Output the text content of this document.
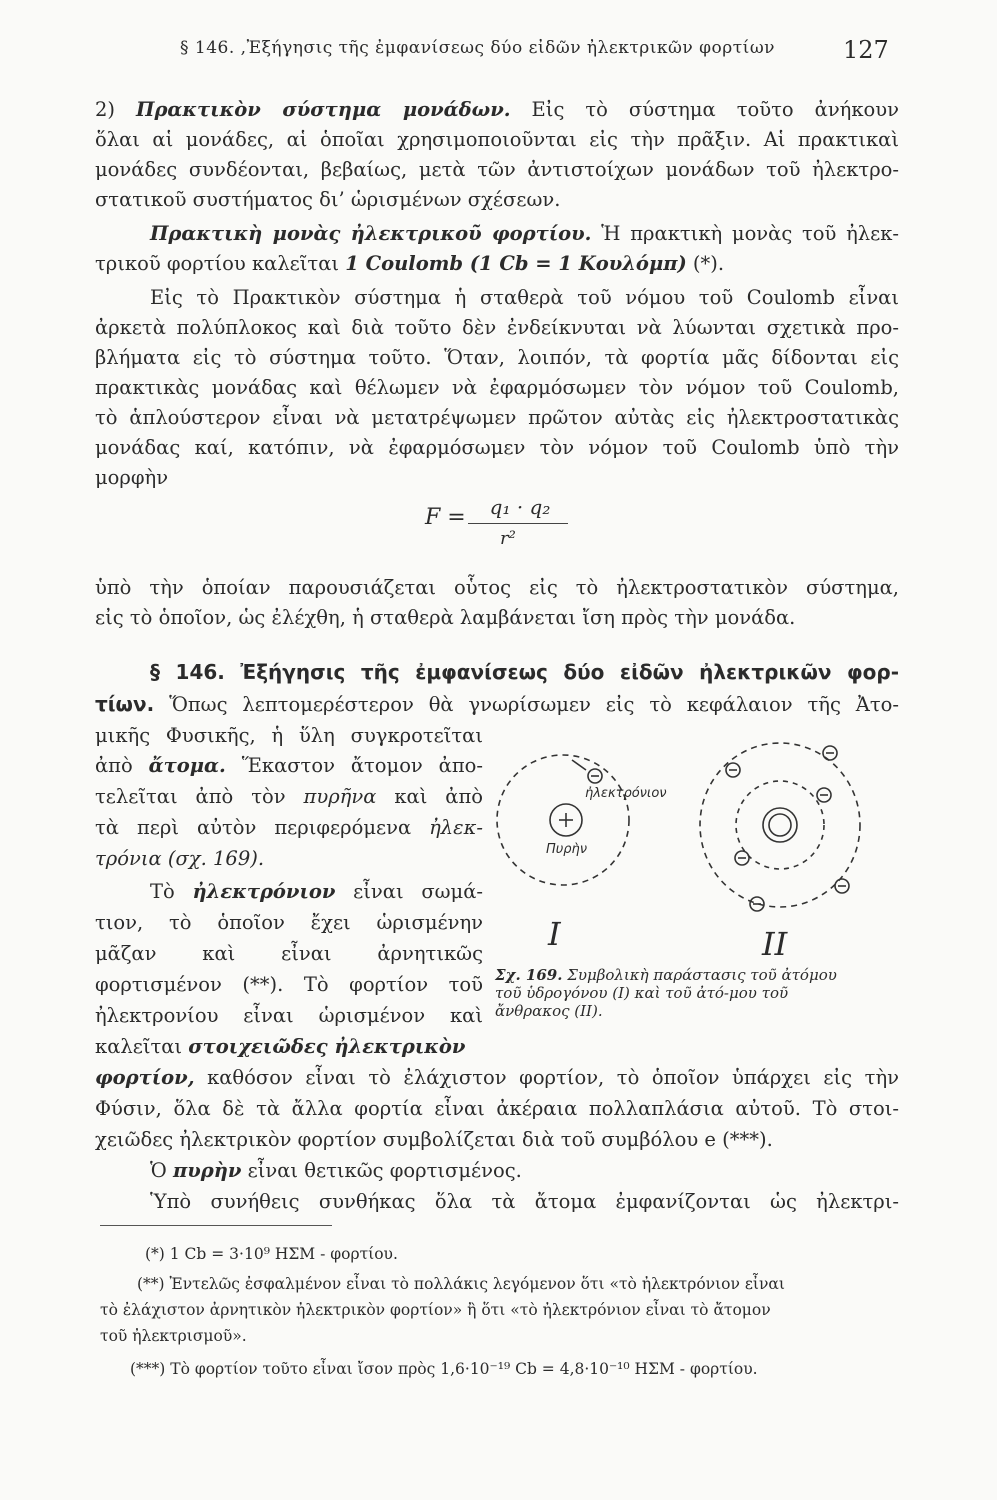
§ 146. ,Ἐξήγησις τῆς ἐμφανίσεως δύο εἰδῶν ἠλεκτρικῶν φορτίων	127
2) Πρακτικὸν σύστημα μονάδων. Εἰς τὸ σύστημα τοῦτο ἀνήκουν
ὅλαι αἱ μονάδες, αἱ ὁποῖαι χρησιμοποιοῦνται εἰς τὴν πρᾶξιν. Αἱ πρακτικαὶ
μονάδες συνδέονται, βεβαίως, μετὰ τῶν ἀντιστοίχων μονάδων τοῦ ἠλεκτρο-
στατικοῦ συστήματος δι’ ὡρισμένων σχέσεων.
Πρακτικὴ μονὰς ἠλεκτρικοῦ φορτίου. Ἡ πρακτικὴ μονὰς τοῦ ἠλεκ-
τρικοῦ φορτίου καλεῖται 1 Coulomb (1 Cb = 1 Κουλόμπ) (*).
Εἰς τὸ Πρακτικὸν σύστημα ἡ σταθερὰ τοῦ νόμου τοῦ Coulomb εἶναι
ἀρκετὰ πολύπλοκος καὶ διὰ τοῦτο δὲν ἐνδείκνυται νὰ λύωνται σχετικὰ προ-
βλήματα εἰς τὸ σύστημα τοῦτο. Ὅταν, λοιπόν, τὰ φορτία μᾶς δίδονται εἰς
πρακτικὰς μονάδας καὶ θέλωμεν νὰ ἐφαρμόσωμεν τὸν νόμον τοῦ Coulomb,
τὸ ἁπλούστερον εἶναι νὰ μετατρέψωμεν πρῶτον αὐτὰς εἰς ἠλεκτροστατικὰς
μονάδας καί, κατόπιν, νὰ ἐφαρμόσωμεν τὸν νόμον τοῦ Coulomb ὑπὸ τὴν
μορφὴν
F =	q₁ · q₂
r²
ὑπὸ τὴν ὁποίαν παρουσιάζεται οὗτος εἰς τὸ ἠλεκτροστατικὸν σύστημα,
εἰς τὸ ὁποῖον, ὡς ἐλέχθη, ἡ σταθερὰ λαμβάνεται ἴση πρὸς τὴν μονάδα.
§ 146. Ἐξήγησις τῆς ἐμφανίσεως δύο εἰδῶν ἠλεκτρικῶν φορ-
τίων. Ὅπως λεπτομερέστερον θὰ γνωρίσωμεν εἰς τὸ κεφάλαιον τῆς Ἀτο-
μικῆς Φυσικῆς, ἡ ὕλη συγκροτεῖται
ἀπὸ ἄτομα. Ἕκαστον ἄτομον ἀπο-
τελεῖται ἀπὸ τὸν πυρῆνα καὶ ἀπὸ
τὰ περὶ αὐτὸν περιφερόμενα ἠλεκ-
τρόνια (σχ. 169).
Τὸ ἠλεκτρόνιον εἶναι σωμά-
τιον, τὸ ὁποῖον ἔχει ὡρισμένην
μᾶζαν καὶ εἶναι ἀρνητικῶς
φορτισμένον (**). Τὸ φορτίον τοῦ
ἠλεκτρονίου εἶναι ὡρισμένον καὶ
καλεῖται στοιχειῶδες ἠλεκτρικὸν
φορτίον, καθόσον εἶναι τὸ ἐλάχιστον φορτίον, τὸ ὁποῖον ὑπάρχει εἰς τὴν
Φύσιν, ὅλα δὲ τὰ ἄλλα φορτία εἶναι ἀκέραια πολλαπλάσια αὐτοῦ. Τὸ στοι-
χειῶδες ἠλεκτρικὸν φορτίον συμβολίζεται διὰ τοῦ συμβόλου e (***).
Ὁ πυρὴν εἶναι θετικῶς φορτισμένος.
Ὑπὸ συνήθεις συνθήκας ὅλα τὰ ἄτομα ἐμφανίζονται ὡς ἠλεκτρι-
ἠλεκτρόνιον
Πυρὴν
I	II
Σχ. 169. Συμβολικὴ παράστασις τοῦ ἀτόμου τοῦ ὑδρογόνου (I) καὶ τοῦ ἀτό-μου τοῦ ἄνθρακος (II).
(*) 1 Cb = 3·10⁹ ΗΣΜ - φορτίου.
(**) Ἐντελῶς ἐσφαλμένον εἶναι τὸ πολλάκις λεγόμενον ὅτι «τὸ ἠλεκτρόνιον εἶναι
τὸ ἐλάχιστον ἀρνητικὸν ἠλεκτρικὸν φορτίον» ἢ ὅτι «τὸ ἠλεκτρόνιον εἶναι τὸ ἄτομον
τοῦ ἠλεκτρισμοῦ».
(***) Τὸ φορτίον τοῦτο εἶναι ἴσον πρὸς 1,6·10⁻¹⁹ Cb = 4,8·10⁻¹⁰ ΗΣΜ - φορτίου.
